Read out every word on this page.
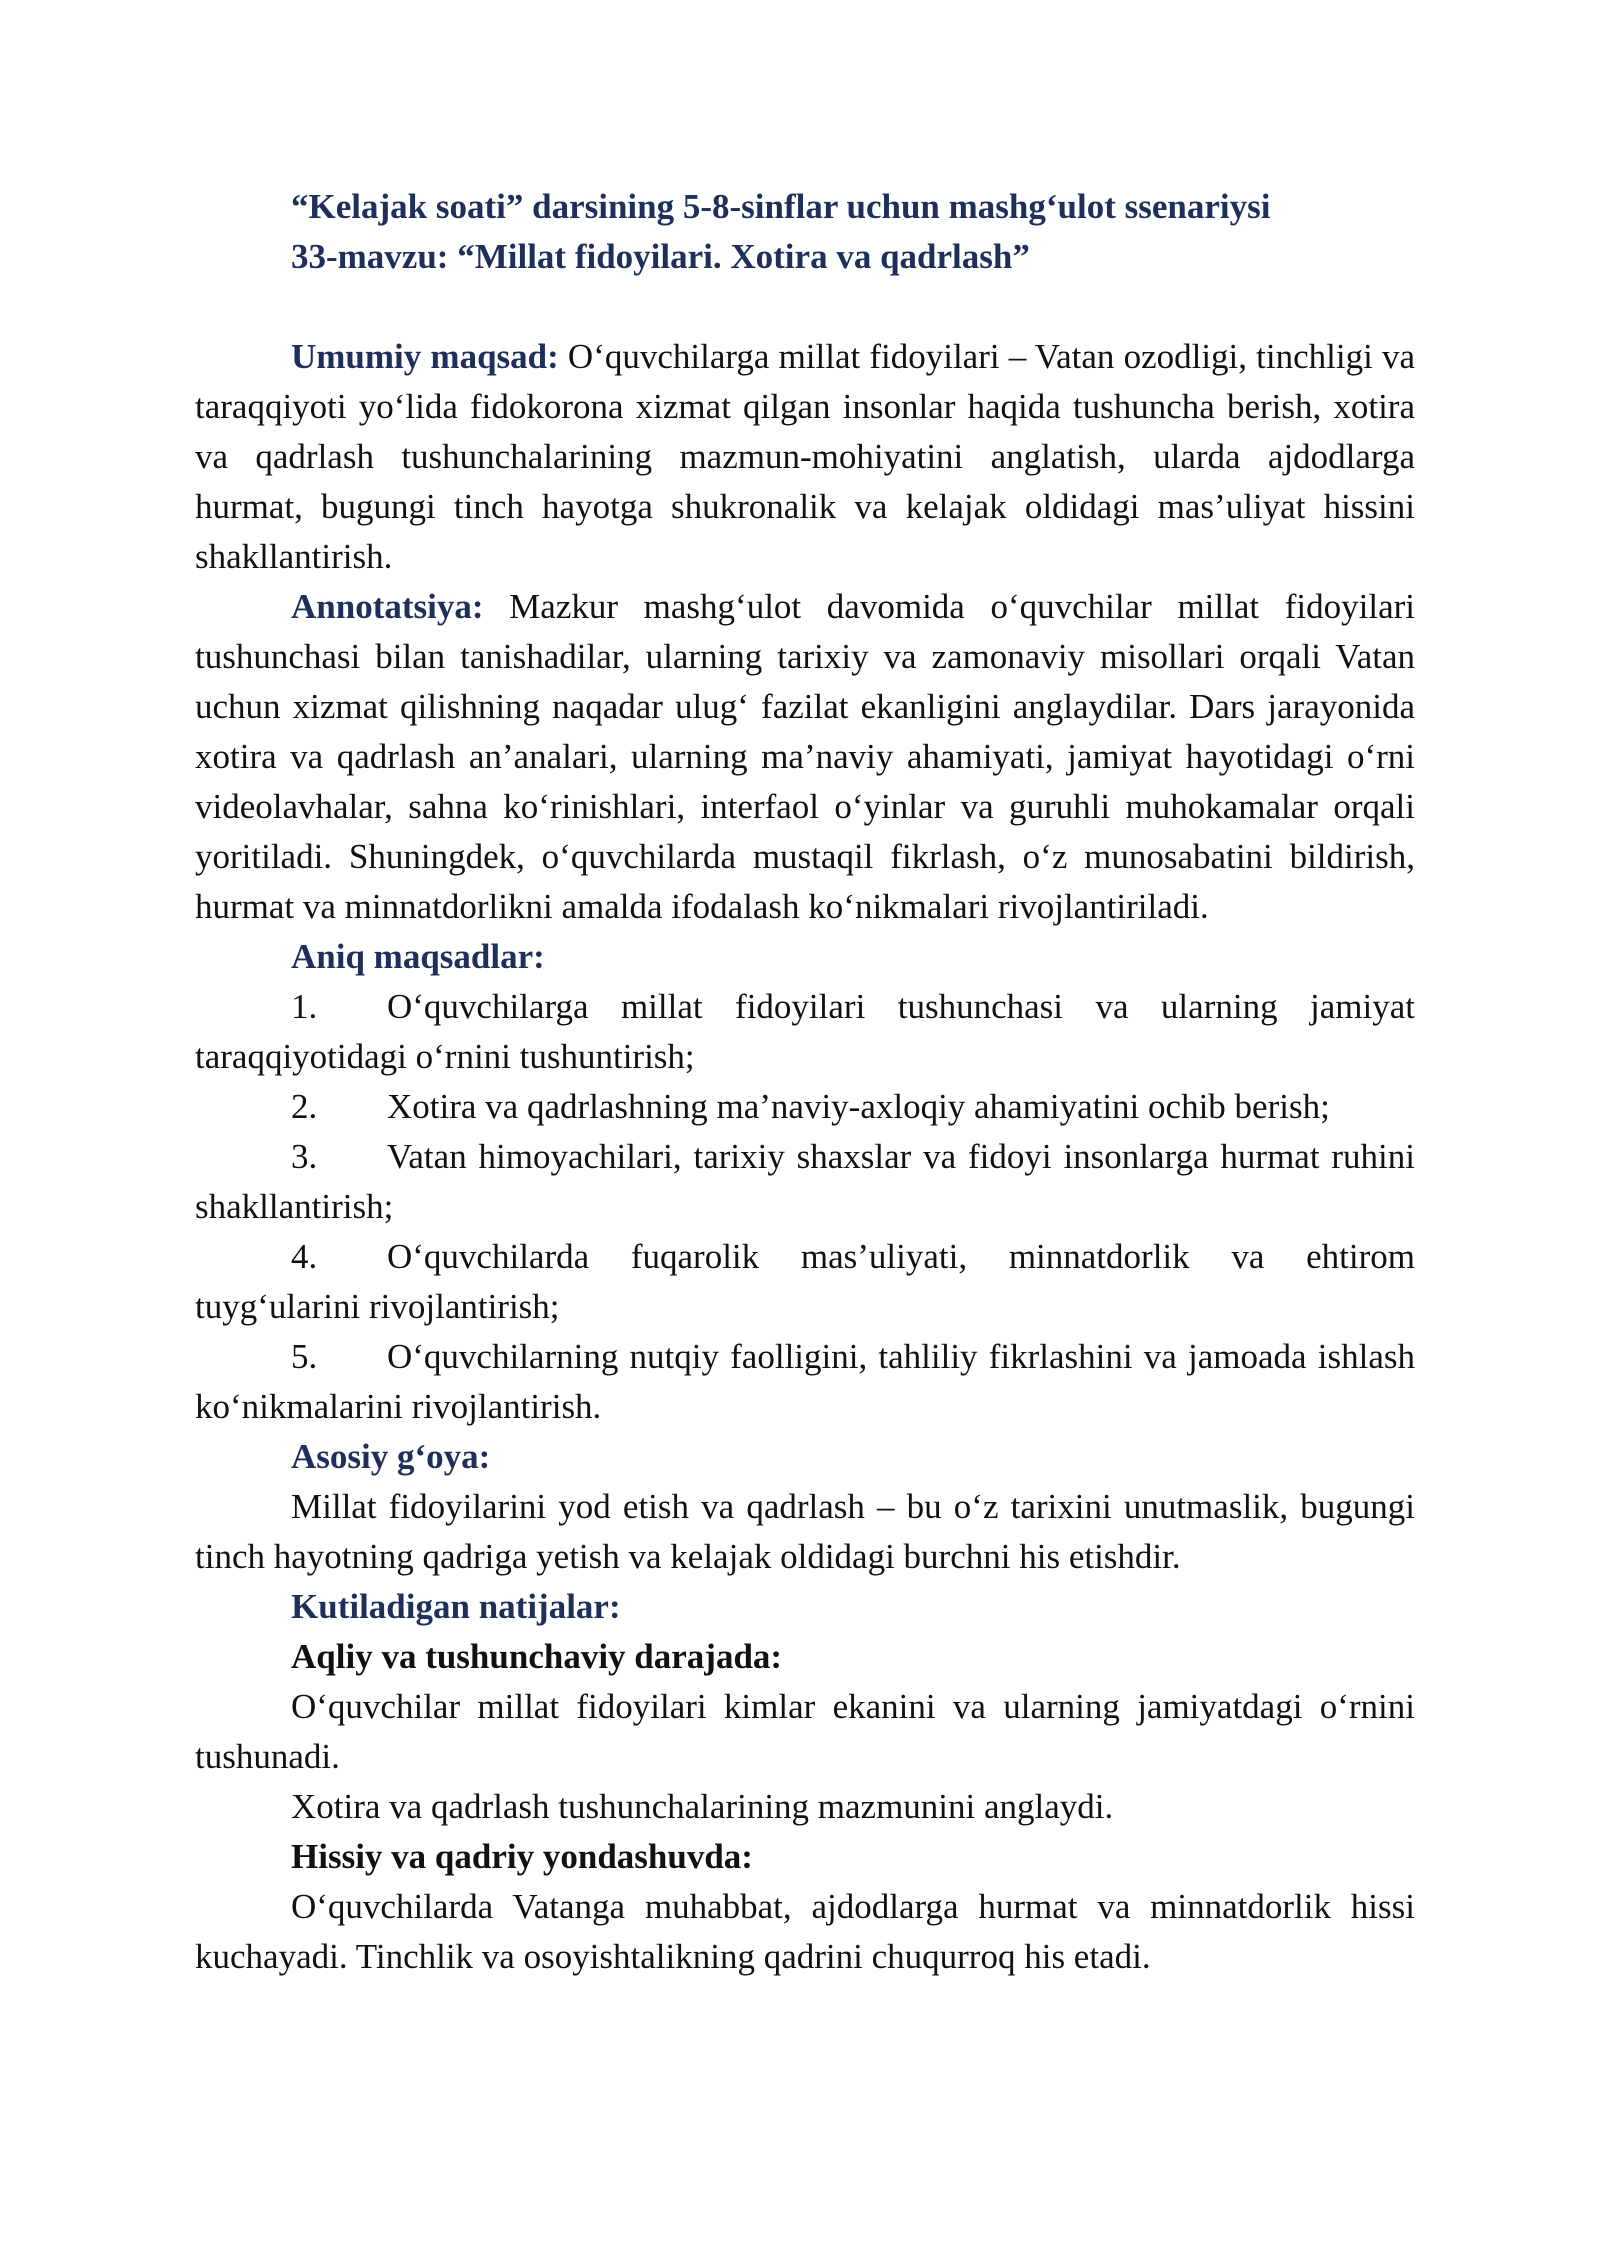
“Kelajak soati” darsining 5-8-sinflar uchun mashg‘ulot ssenariysi

33-mavzu: “Millat fidoyilari. Xotira va qadrlash”

Umumiy maqsad: O‘quvchilarga millat fidoyilari – Vatan ozodligi, tinchligi va taraqqiyoti yo‘lida fidokorona xizmat qilgan insonlar haqida tushuncha berish, xotira va qadrlash tushunchalarining mazmun-mohiyatini anglatish, ularda ajdodlarga hurmat, bugungi tinch hayotga shukronalik va kelajak oldidagi mas’uliyat hissini shakllantirish.

Annotatsiya: Mazkur mashg‘ulot davomida o‘quvchilar millat fidoyilari tushunchasi bilan tanishadilar, ularning tarixiy va zamonaviy misollari orqali Vatan uchun xizmat qilishning naqadar ulug‘ fazilat ekanligini anglaydilar. Dars jarayonida xotira va qadrlash an’analari, ularning ma’naviy ahamiyati, jamiyat hayotidagi o‘rni videolavhalar, sahna ko‘rinishlari, interfaol o‘yinlar va guruhli muhokamalar orqali yoritiladi. Shuningdek, o‘quvchilarda mustaqil fikrlash, o‘z munosabatini bildirish, hurmat va minnatdorlikni amalda ifodalash ko‘nikmalari rivojlantiriladi.

Aniq maqsadlar:

1. O‘quvchilarga millat fidoyilari tushunchasi va ularning jamiyat taraqqiyotidagi o‘rnini tushuntirish;

2. Xotira va qadrlashning ma’naviy-axloqiy ahamiyatini ochib berish;

3. Vatan himoyachilari, tarixiy shaxslar va fidoyi insonlarga hurmat ruhini shakllantirish;

4. O‘quvchilarda fuqarolik mas’uliyati, minnatdorlik va ehtirom tuyg‘ularini rivojlantirish;

5. O‘quvchilarning nutqiy faolligini, tahliliy fikrlashini va jamoada ishlash ko‘nikmalarini rivojlantirish.

Asosiy g‘oya:

Millat fidoyilarini yod etish va qadrlash – bu o‘z tarixini unutmaslik, bugungi tinch hayotning qadriga yetish va kelajak oldidagi burchni his etishdir.

Kutiladigan natijalar:

Aqliy va tushunchaviy darajada:

O‘quvchilar millat fidoyilari kimlar ekanini va ularning jamiyatdagi o‘rnini tushunadi.

Xotira va qadrlash tushunchalarining mazmunini anglaydi.

Hissiy va qadriy yondashuvda:

O‘quvchilarda Vatanga muhabbat, ajdodlarga hurmat va minnatdorlik hissi kuchayadi. Tinchlik va osoyishtalikning qadrini chuqurroq his etadi.
